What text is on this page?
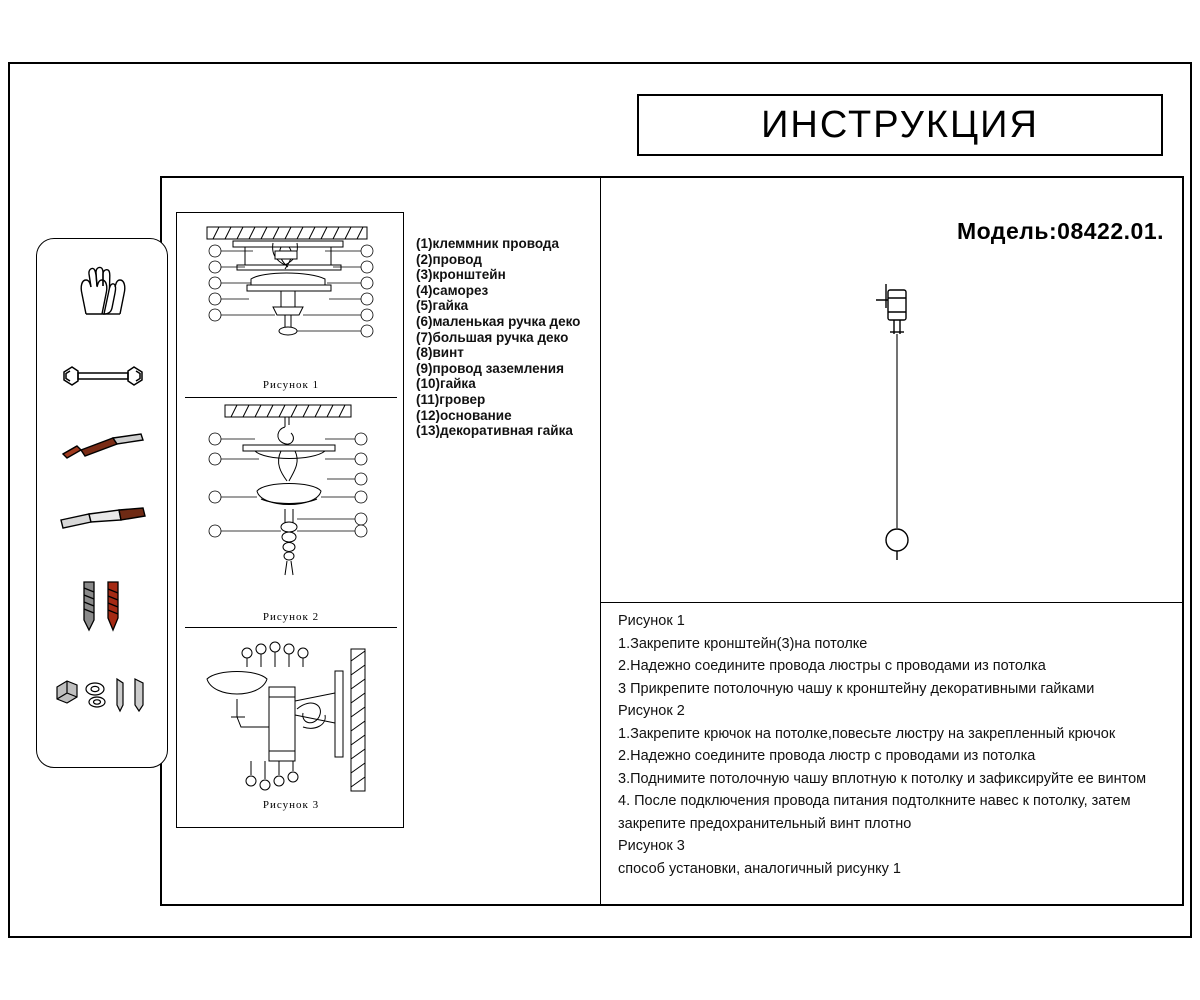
ИНСТРУКЦИЯ
Рисунок 1
Рисунок 2
Рисунок 3
(1)клеммник провода
(2)провод
(3)кронштейн
(4)саморез
(5)гайка
(6)маленькая ручка деко
(7)большая ручка деко
(8)винт
(9)провод заземления
(10)гайка
(11)гровер
(12)основание
(13)декоративная гайка
Модель:08422.01.
Рисунок 1
1.Закрепите кронштейн(3)на потолке
2.Надежно соедините провода люстры с проводами из потолка
3 Прикрепите потолочную чашу к кронштейну декоративными гайками
Рисунок 2
1.Закрепите крючок на потолке,повесьте люстру на закрепленный крючок
2.Надежно соедините провода люстр с проводами из потолка
3.Поднимите потолочную чашу вплотную к потолку и зафиксируйте ее винтом
4. После подключения провода питания подтолкните навес к потолку, затем закрепите предохранительный винт плотно
Рисунок 3
способ установки, аналогичный рисунку 1
